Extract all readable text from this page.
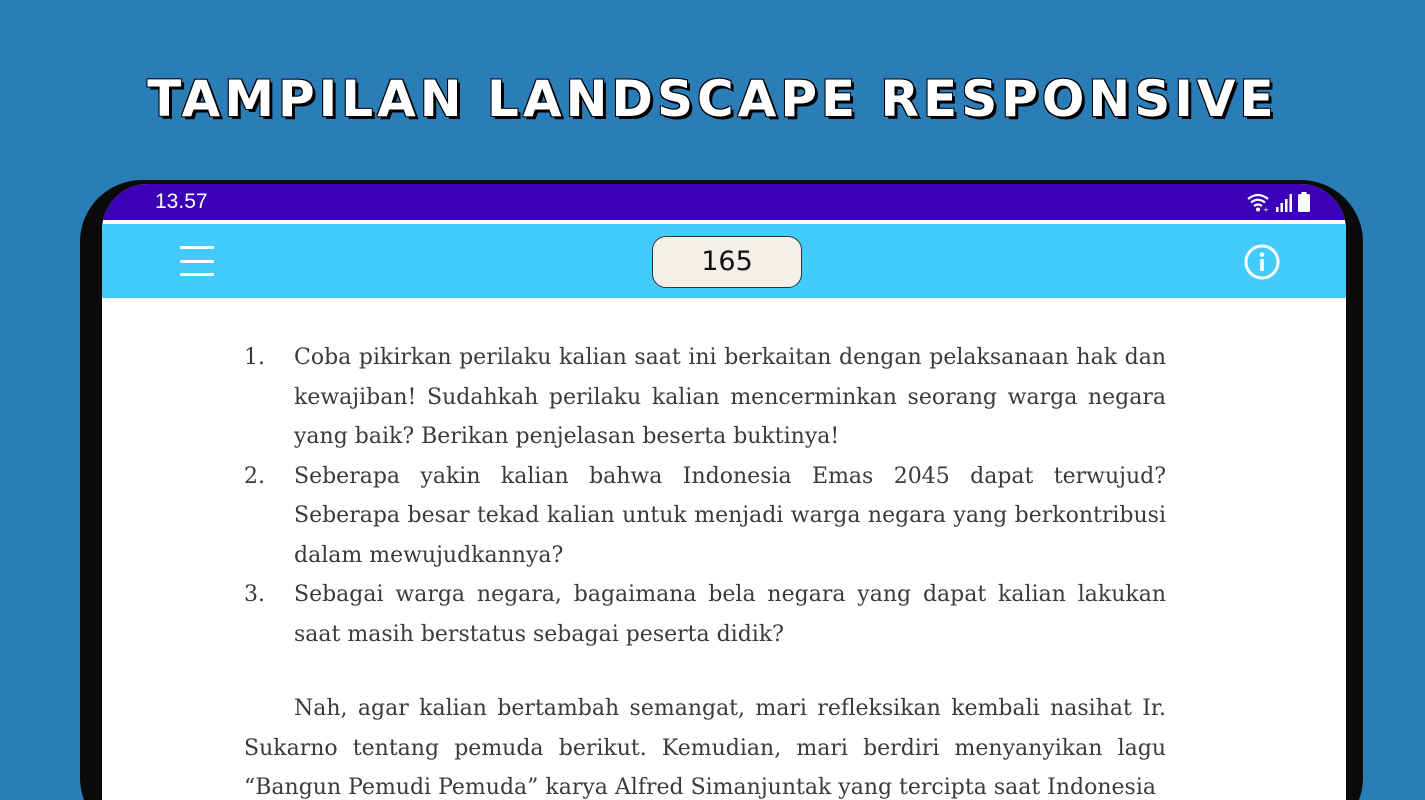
TAMPILAN LANDSCAPE RESPONSIVE
13.57	+
165
1.	Coba pikirkan perilaku kalian saat ini berkaitan dengan pelaksanaan hak dan kewajiban! Sudahkah perilaku kalian mencerminkan seorang warga negara yang baik? Berikan penjelasan beserta buktinya!
2.	Seberapa yakin kalian bahwa Indonesia Emas 2045 dapat terwujud? Seberapa besar tekad kalian untuk menjadi warga negara yang berkontribusi dalam mewujudkannya?
3.	Sebagai warga negara, bagaimana bela negara yang dapat kalian lakukan saat masih berstatus sebagai peserta didik?

Nah, agar kalian bertambah semangat, mari refleksikan kembali nasihat Ir. Sukarno tentang pemuda berikut. Kemudian, mari berdiri menyanyikan lagu “Bangun Pemudi Pemuda” karya Alfred Simanjuntak yang tercipta saat Indonesia
